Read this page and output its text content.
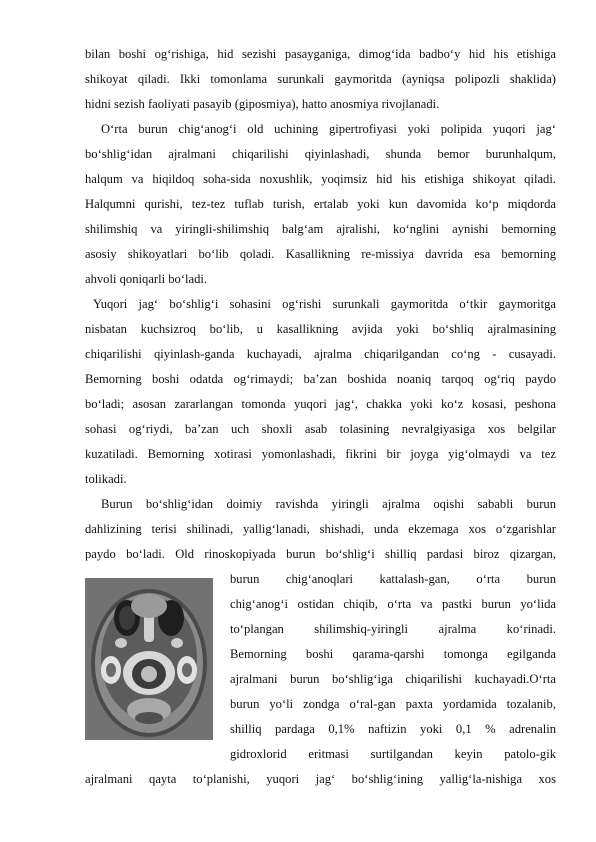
bilan boshi og‘rishiga, hid sezishi pasayganiga, dimog‘ida badbo‘y hid his etishiga
shikoyat qiladi. Ikki tomonlama surunkali gaymoritda (ayniqsa polipozli shaklida)
hidni sezish faoliyati pasayib (giposmiya), hatto anosmiya rivojlanadi.
O‘rta burun chig‘anog‘i old uchining gipertrofiyasi yoki polipida yuqori jag‘
bo‘shlig‘idan ajralmani chiqarilishi qiyinlashadi, shunda bemor burunhalqum,
halqum va hiqildoq soha-sida noxushlik, yoqimsiz hid his etishiga shikoyat qiladi.
Halqumni qurishi, tez-tez tuflab turish, ertalab yoki kun davomida ko‘p miqdorda
shilimshiq va yiringli-shilimshiq balg‘am ajralishi, ko‘nglini aynishi bemorning
asosiy shikoyatlari bo‘lib qoladi. Kasallikning re-missiya davrida esa bemorning
ahvoli qoniqarli bo‘ladi.
Yuqori jag‘ bo‘shlig‘i sohasini og‘rishi surunkali gaymoritda o‘tkir gaymoritga
nisbatan kuchsizroq bo‘lib, u kasallikning avjida yoki bo‘shliq ajralmasining
chiqarilishi qiyinlash-ganda kuchayadi, ajralma chiqarilgandan co‘ng - cusayadi.
Bemorning boshi odatda og‘rimaydi; ba’zan boshida noaniq tarqoq og‘riq paydo
bo‘ladi; asosan zararlangan tomonda yuqori jag‘, chakka yoki ko‘z kosasi, peshona
sohasi og‘riydi, ba’zan uch shoxli asab tolasining nevralgiyasiga xos belgilar
kuzatiladi. Bemorning xotirasi yomonlashadi, fikrini bir joyga yig‘olmaydi va tez
tolikadi.
Burun bo‘shlig‘idan doimiy ravishda yiringli ajralma oqishi sababli burun
dahlizining terisi shilinadi, yallig‘lanadi, shishadi, unda ekzemaga xos o‘zgarishlar
paydo bo‘ladi. Old rinoskopiyada burun bo‘shlig‘i shilliq pardasi biroz qizargan,
burun chig‘anoqlari kattalash-gan, o‘rta burun
chig‘anog‘i ostidan chiqib, o‘rta va pastki burun yo‘lida
to‘plangan shilimshiq-yiringli ajralma ko‘rinadi.
Bemorning boshi qarama-qarshi tomonga egilganda
ajralmani burun bo‘shlig‘iga chiqarilishi kuchayadi.O‘rta
burun yo‘li zondga o‘ral-gan paxta yordamida tozalanib,
shilliq pardaga 0,1% naftizin yoki 0,1 % adrenalin
gidroxlorid eritmasi surtilgandan keyin patolo-gik
ajralmani qayta to‘planishi, yuqori jag‘ bo‘shlig‘ining yallig‘la-nishiga xos
